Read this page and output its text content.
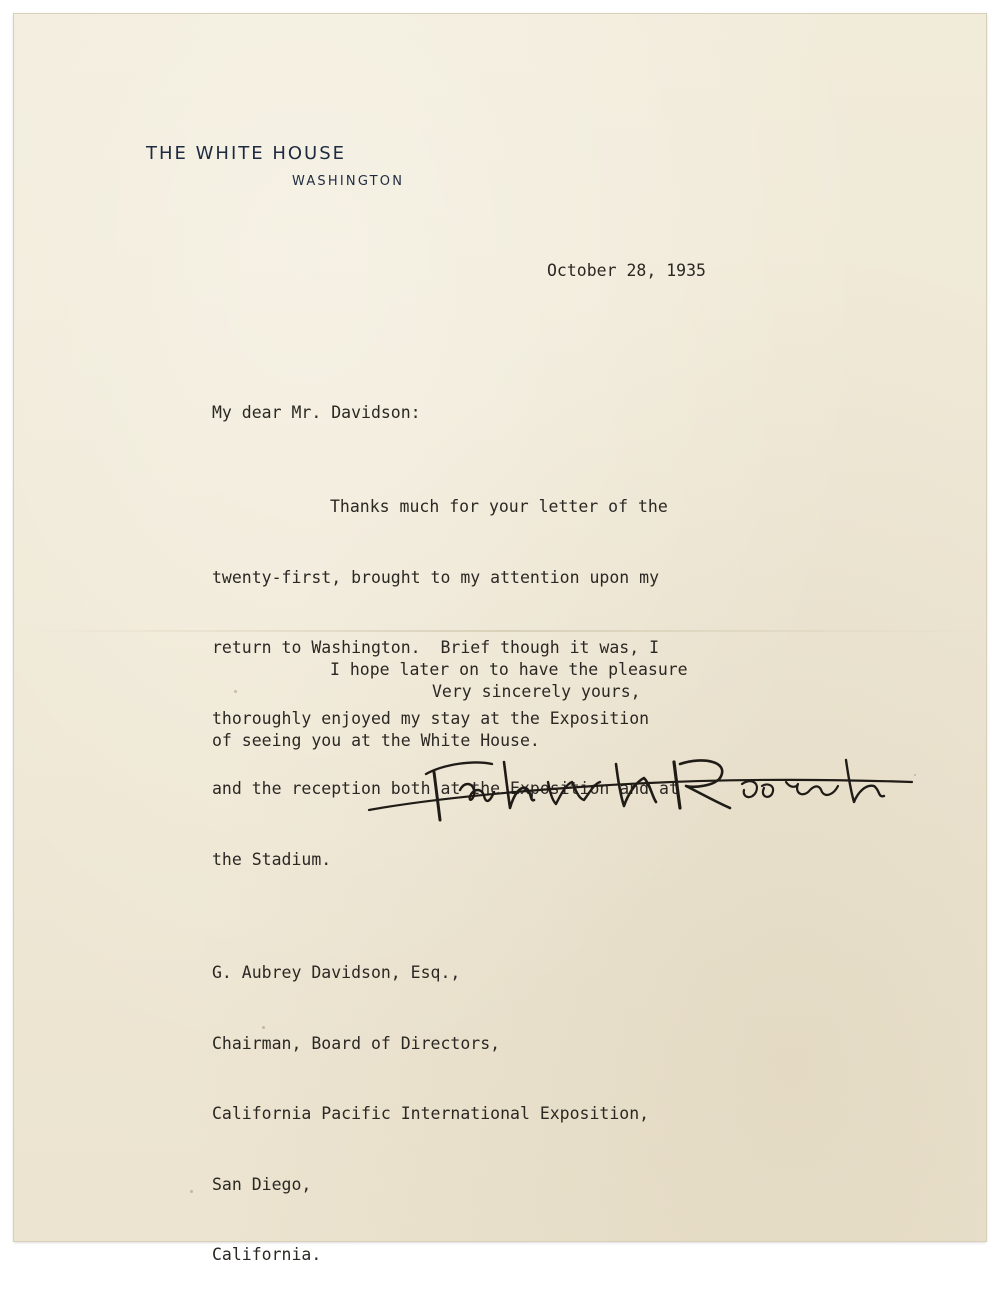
THE WHITE HOUSE
WASHINGTON
October 28, 1935
My dear Mr. Davidson:

Thanks much for your letter of the

twenty-first, brought to my attention upon my

return to Washington.  Brief though it was, I

thoroughly enjoyed my stay at the Exposition

and the reception both at the Exposition and at

the Stadium.

I hope later on to have the pleasure

of seeing you at the White House.

Very sincerely yours,

G. Aubrey Davidson, Esq.,

Chairman, Board of Directors,

California Pacific International Exposition,

San Diego,

California.
